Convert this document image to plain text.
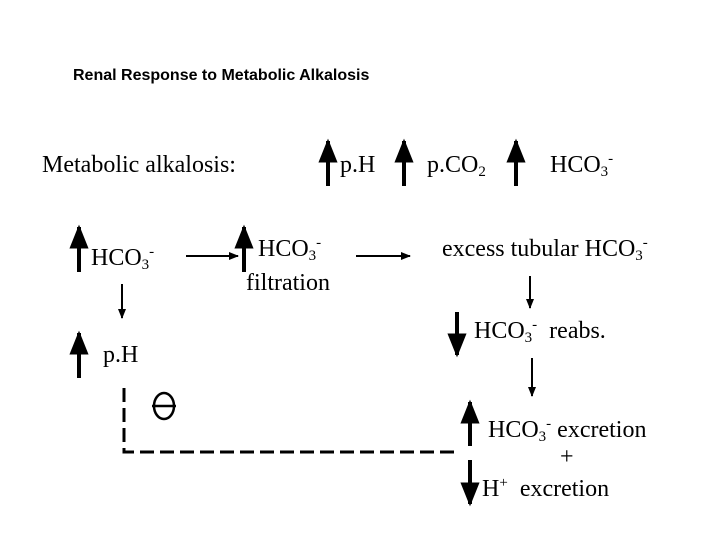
Renal Response to Metabolic Alkalosis
Metabolic alkalosis:	p.H $p.CO_2$	$HCO_3^-$
$HCO_3^-$
p.H
$HCO_3^-$
filtration
excess tubular $HCO_3^-$
$HCO_3^-$ reabs.
$HCO_3^-$ excretion
+
H+ excretion
